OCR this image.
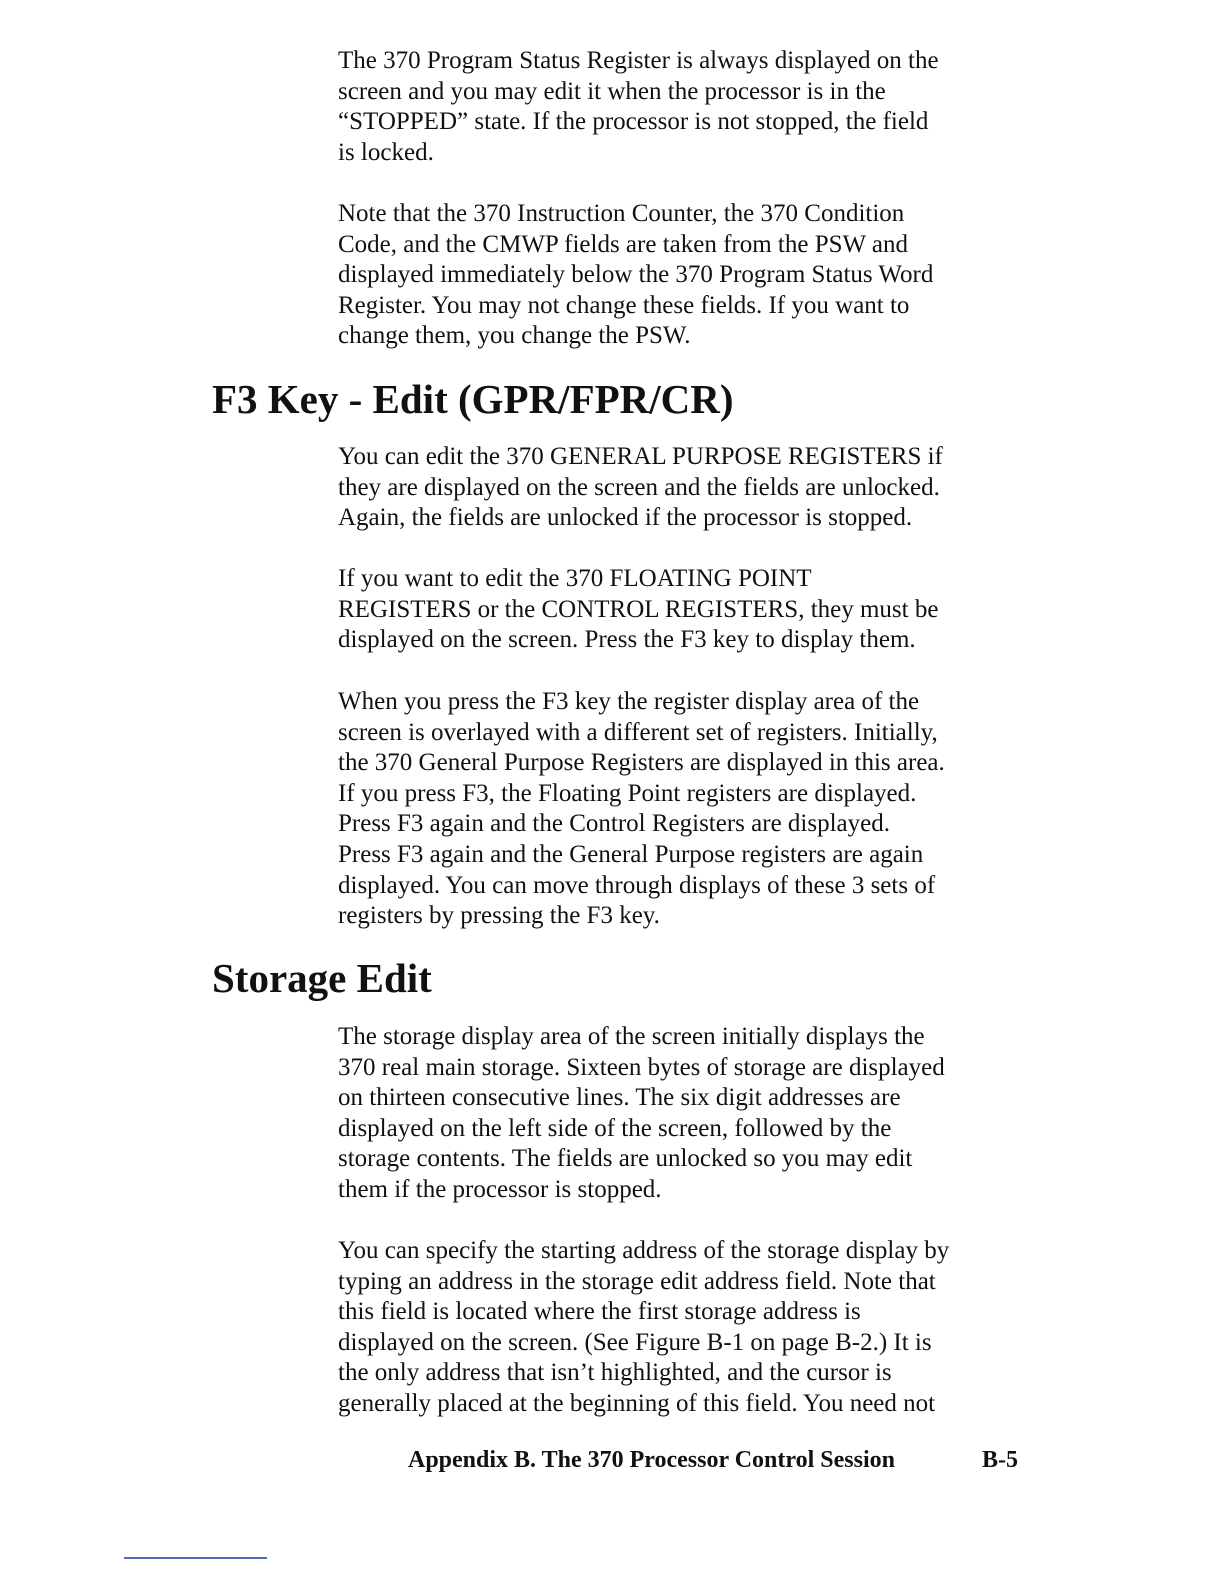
The 370 Program Status Register is always displayed on the
screen and you may edit it when the processor is in the
“STOPPED” state. If the processor is not stopped, the field
is locked.
Note that the 370 Instruction Counter, the 370 Condition
Code, and the CMWP fields are taken from the PSW and
displayed immediately below the 370 Program Status Word
Register. You may not change these fields. If you want to
change them, you change the PSW.
F3 Key - Edit (GPR/FPR/CR)
You can edit the 370 GENERAL PURPOSE REGISTERS if
they are displayed on the screen and the fields are unlocked.
Again, the fields are unlocked if the processor is stopped.
If you want to edit the 370 FLOATING POINT
REGISTERS or the CONTROL REGISTERS, they must be
displayed on the screen. Press the F3 key to display them.
When you press the F3 key the register display area of the
screen is overlayed with a different set of registers. Initially,
the 370 General Purpose Registers are displayed in this area.
If you press F3, the Floating Point registers are displayed.
Press F3 again and the Control Registers are displayed.
Press F3 again and the General Purpose registers are again
displayed. You can move through displays of these 3 sets of
registers by pressing the F3 key.
Storage Edit
The storage display area of the screen initially displays the
370 real main storage. Sixteen bytes of storage are displayed
on thirteen consecutive lines. The six digit addresses are
displayed on the left side of the screen, followed by the
storage contents. The fields are unlocked so you may edit
them if the processor is stopped.
You can specify the starting address of the storage display by
typing an address in the storage edit address field. Note that
this field is located where the first storage address is
displayed on the screen. (See Figure B-1 on page B-2.) It is
the only address that isn’t highlighted, and the cursor is
generally placed at the beginning of this field. You need not
Appendix B. The 370 Processor Control Session	B-5
